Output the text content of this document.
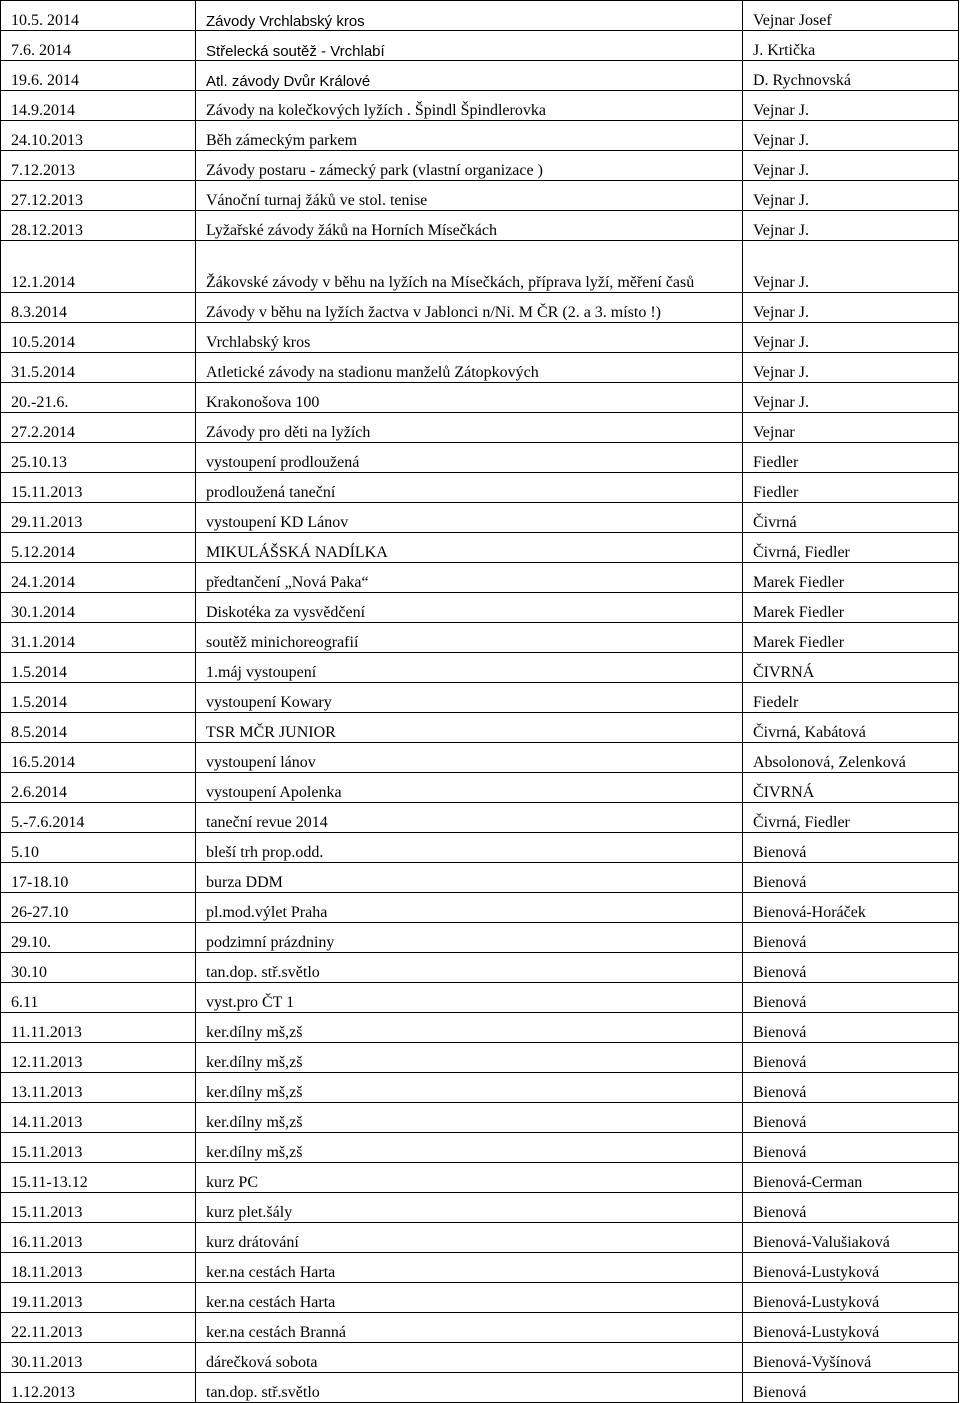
10.5. 2014	Závody Vrchlabský kros	Vejnar Josef
7.6. 2014	Střelecká soutěž - Vrchlabí	J. Krtička
19.6. 2014	Atl. závody Dvůr Králové	D. Rychnovská
14.9.2014	Závody na kolečkových lyžích . Špindl Špindlerovka	Vejnar J.
24.10.2013	Běh zámeckým parkem	Vejnar J.
7.12.2013	Závody postaru - zámecký park (vlastní organizace )	Vejnar J.
27.12.2013	Vánoční turnaj žáků ve stol. tenise	Vejnar J.
28.12.2013	Lyžařské závody žáků na Horních Mísečkách	Vejnar J.
12.1.2014	Žákovské závody v běhu na lyžích na Mísečkách, příprava lyží, měření časů	Vejnar J.
8.3.2014	Závody v běhu na lyžích žactva v Jablonci n/Ni. M ČR (2. a 3. místo !)	Vejnar J.
10.5.2014	Vrchlabský kros	Vejnar J.
31.5.2014	Atletické závody na stadionu manželů Zátopkových	Vejnar J.
20.-21.6.	Krakonošova 100	Vejnar J.
27.2.2014	Závody pro děti na lyžích	Vejnar
25.10.13	vystoupení prodloužená	Fiedler
15.11.2013	prodloužená taneční	Fiedler
29.11.2013	vystoupení KD Lánov	Čivrná
5.12.2014	MIKULÁŠSKÁ NADÍLKA	Čivrná, Fiedler
24.1.2014	předtančení „Nová Paka“	Marek Fiedler
30.1.2014	Diskotéka za vysvědčení	Marek Fiedler
31.1.2014	soutěž minichoreografií	Marek Fiedler
1.5.2014	1.máj vystoupení	ČIVRNÁ
1.5.2014	vystoupení Kowary	Fiedelr
8.5.2014	TSR MČR JUNIOR	Čivrná, Kabátová
16.5.2014	vystoupení lánov	Absolonová, Zelenková
2.6.2014	vystoupení Apolenka	ČIVRNÁ
5.-7.6.2014	taneční revue 2014	Čivrná, Fiedler
5.10	bleší trh prop.odd.	Bienová
17-18.10	burza DDM	Bienová
26-27.10	pl.mod.výlet Praha	Bienová-Horáček
29.10.	podzimní prázdniny	Bienová
30.10	tan.dop. stř.světlo	Bienová
6.11	vyst.pro ČT 1	Bienová
11.11.2013	ker.dílny mš,zš	Bienová
12.11.2013	ker.dílny mš,zš	Bienová
13.11.2013	ker.dílny mš,zš	Bienová
14.11.2013	ker.dílny mš,zš	Bienová
15.11.2013	ker.dílny mš,zš	Bienová
15.11-13.12	kurz PC	Bienová-Cerman
15.11.2013	kurz plet.šály	Bienová
16.11.2013	kurz drátování	Bienová-Valušiaková
18.11.2013	ker.na cestách Harta	Bienová-Lustyková
19.11.2013	ker.na cestách Harta	Bienová-Lustyková
22.11.2013	ker.na cestách Branná	Bienová-Lustyková
30.11.2013	dárečková sobota	Bienová-Vyšínová
1.12.2013	tan.dop. stř.světlo	Bienová
